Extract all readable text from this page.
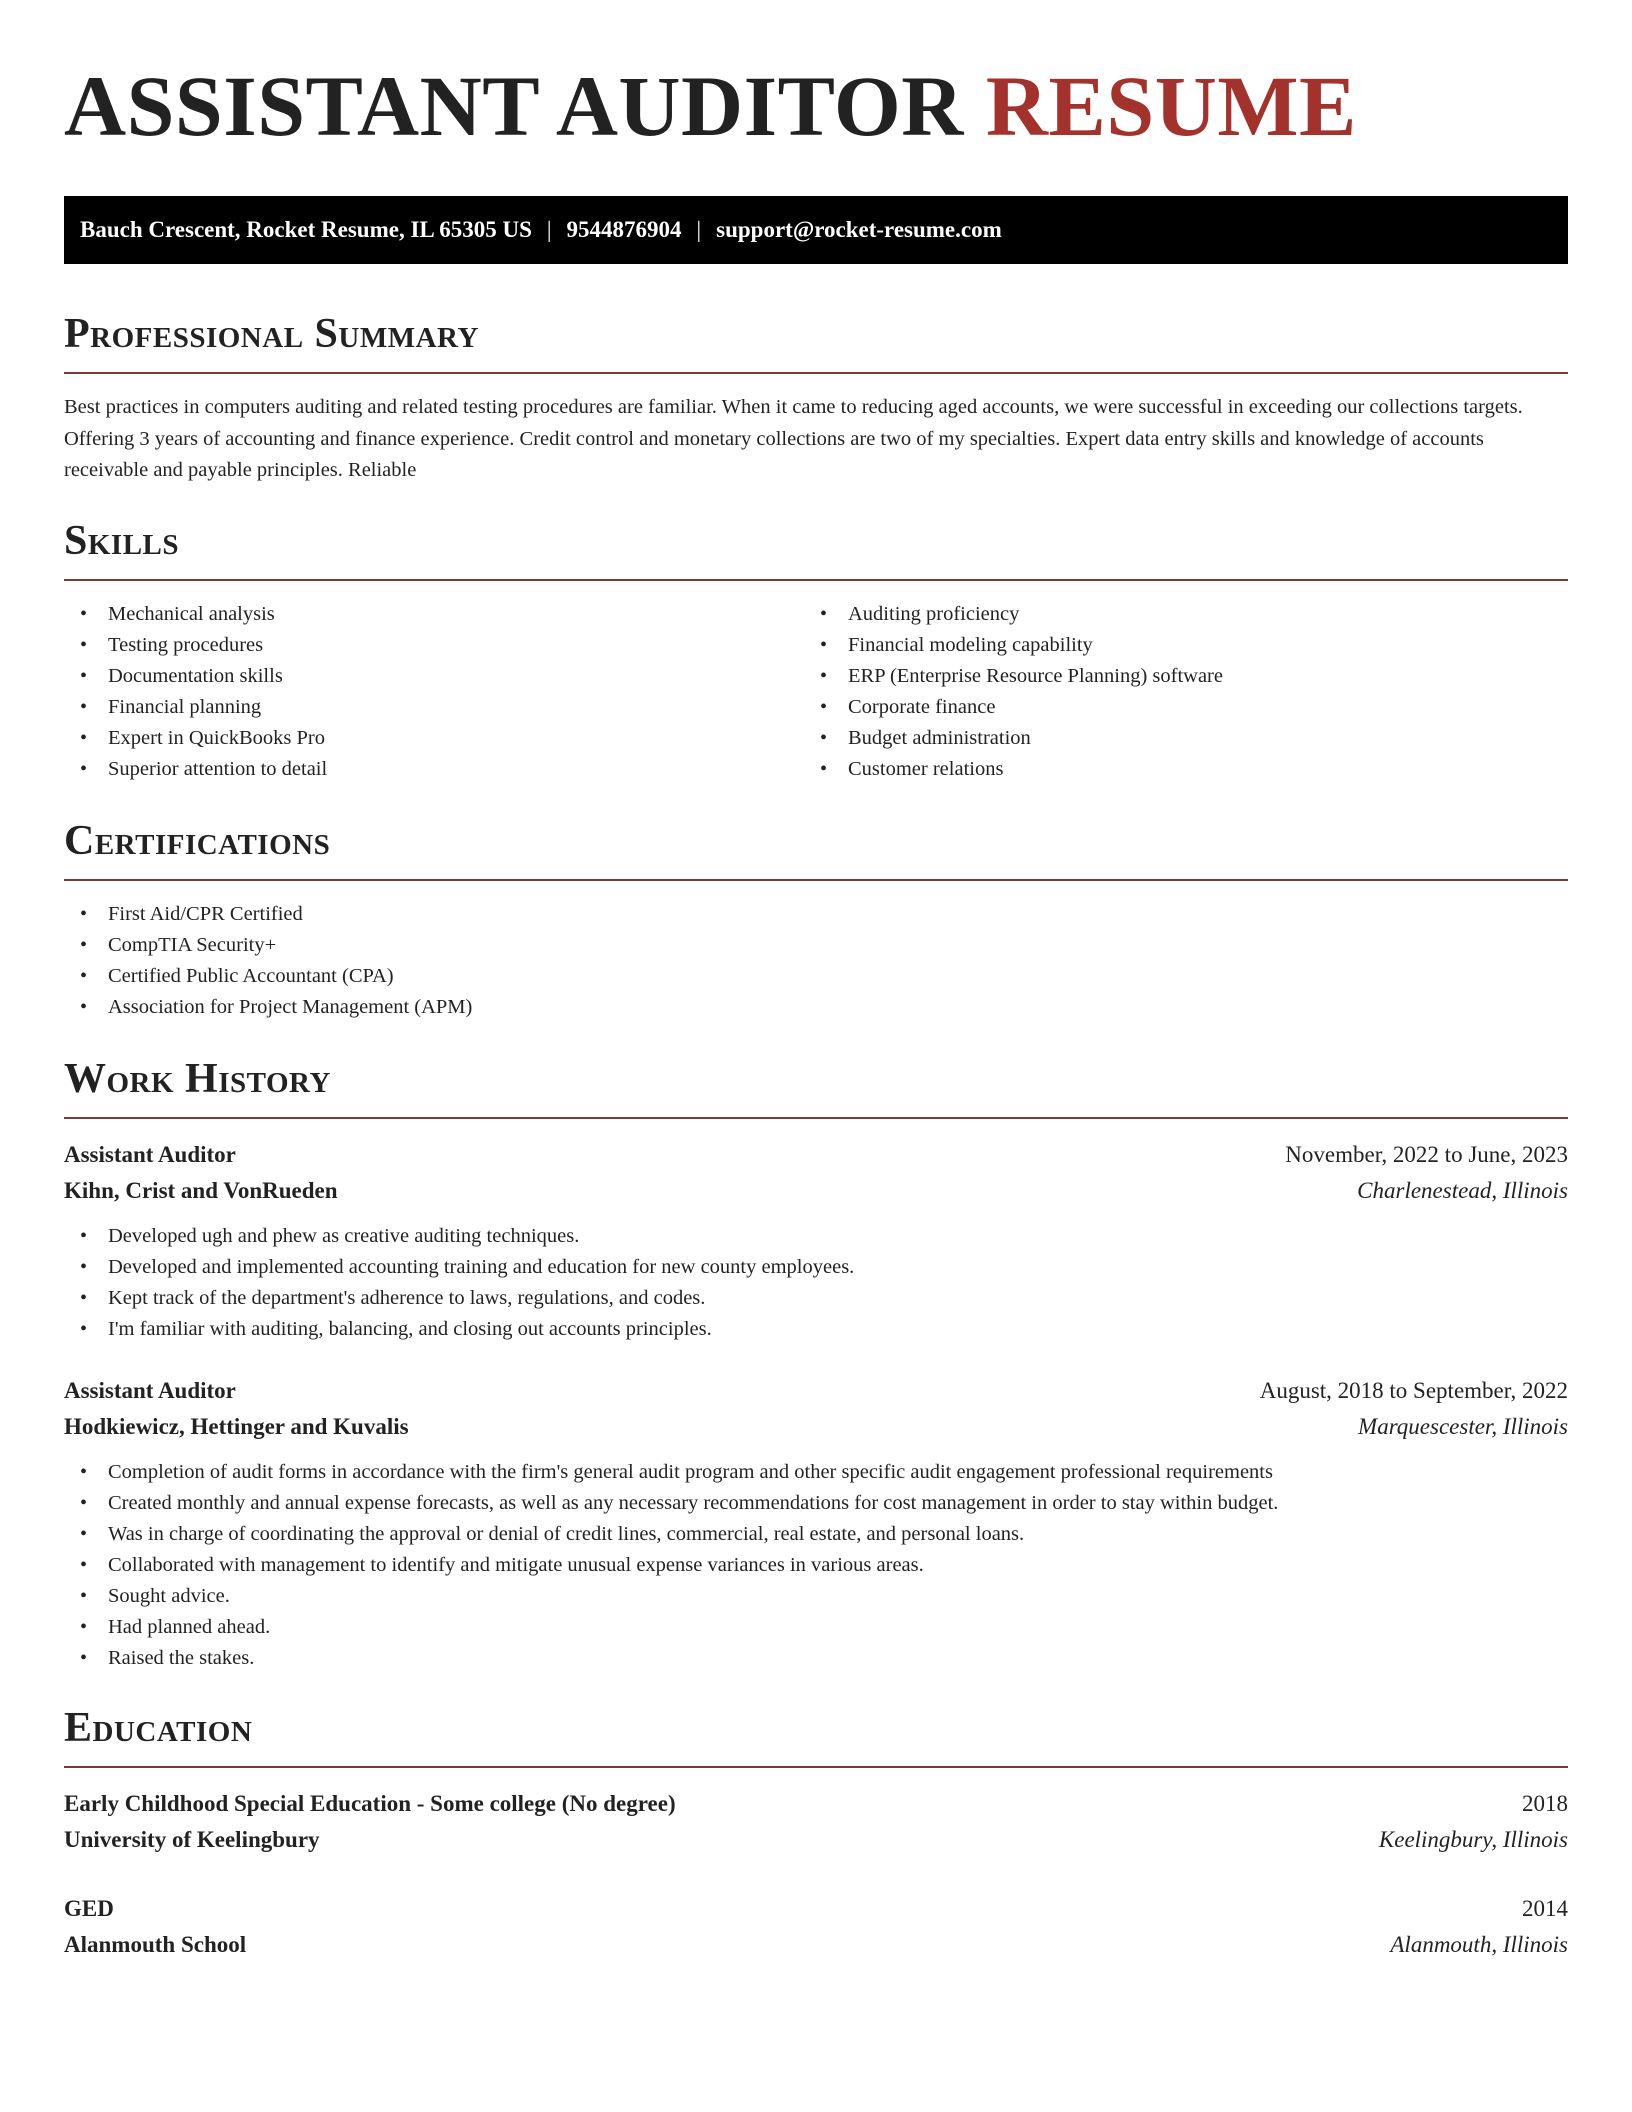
ASSISTANT AUDITOR RESUME
Bauch Crescent, Rocket Resume, IL 65305 US | 9544876904 | support@rocket-resume.com
Professional Summary

Best practices in computers auditing and related testing procedures are familiar. When it came to reducing aged accounts, we were successful in exceeding our collections targets. Offering 3 years of accounting and finance experience. Credit control and monetary collections are two of my specialties. Expert data entry skills and knowledge of accounts receivable and payable principles. Reliable

Skills
• Mechanical analysis
• Testing procedures
• Documentation skills
• Financial planning
• Expert in QuickBooks Pro
• Superior attention to detail
• Auditing proficiency
• Financial modeling capability
• ERP (Enterprise Resource Planning) software
• Corporate finance
• Budget administration
• Customer relations
Certifications
• First Aid/CPR Certified
• CompTIA Security+
• Certified Public Accountant (CPA)
• Association for Project Management (APM)
Work History
Assistant Auditor	November, 2022 to June, 2023
Kihn, Crist and VonRueden	Charlenestead, Illinois
• Developed ugh and phew as creative auditing techniques.
• Developed and implemented accounting training and education for new county employees.
• Kept track of the department's adherence to laws, regulations, and codes.
• I'm familiar with auditing, balancing, and closing out accounts principles.
Assistant Auditor	August, 2018 to September, 2022
Hodkiewicz, Hettinger and Kuvalis	Marquescester, Illinois
• Completion of audit forms in accordance with the firm's general audit program and other specific audit engagement professional requirements
• Created monthly and annual expense forecasts, as well as any necessary recommendations for cost management in order to stay within budget.
• Was in charge of coordinating the approval or denial of credit lines, commercial, real estate, and personal loans.
• Collaborated with management to identify and mitigate unusual expense variances in various areas.
• Sought advice.
• Had planned ahead.
• Raised the stakes.
Education
Early Childhood Special Education - Some college (No degree)	2018
University of Keelingbury	Keelingbury, Illinois
GED	2014
Alanmouth School	Alanmouth, Illinois
